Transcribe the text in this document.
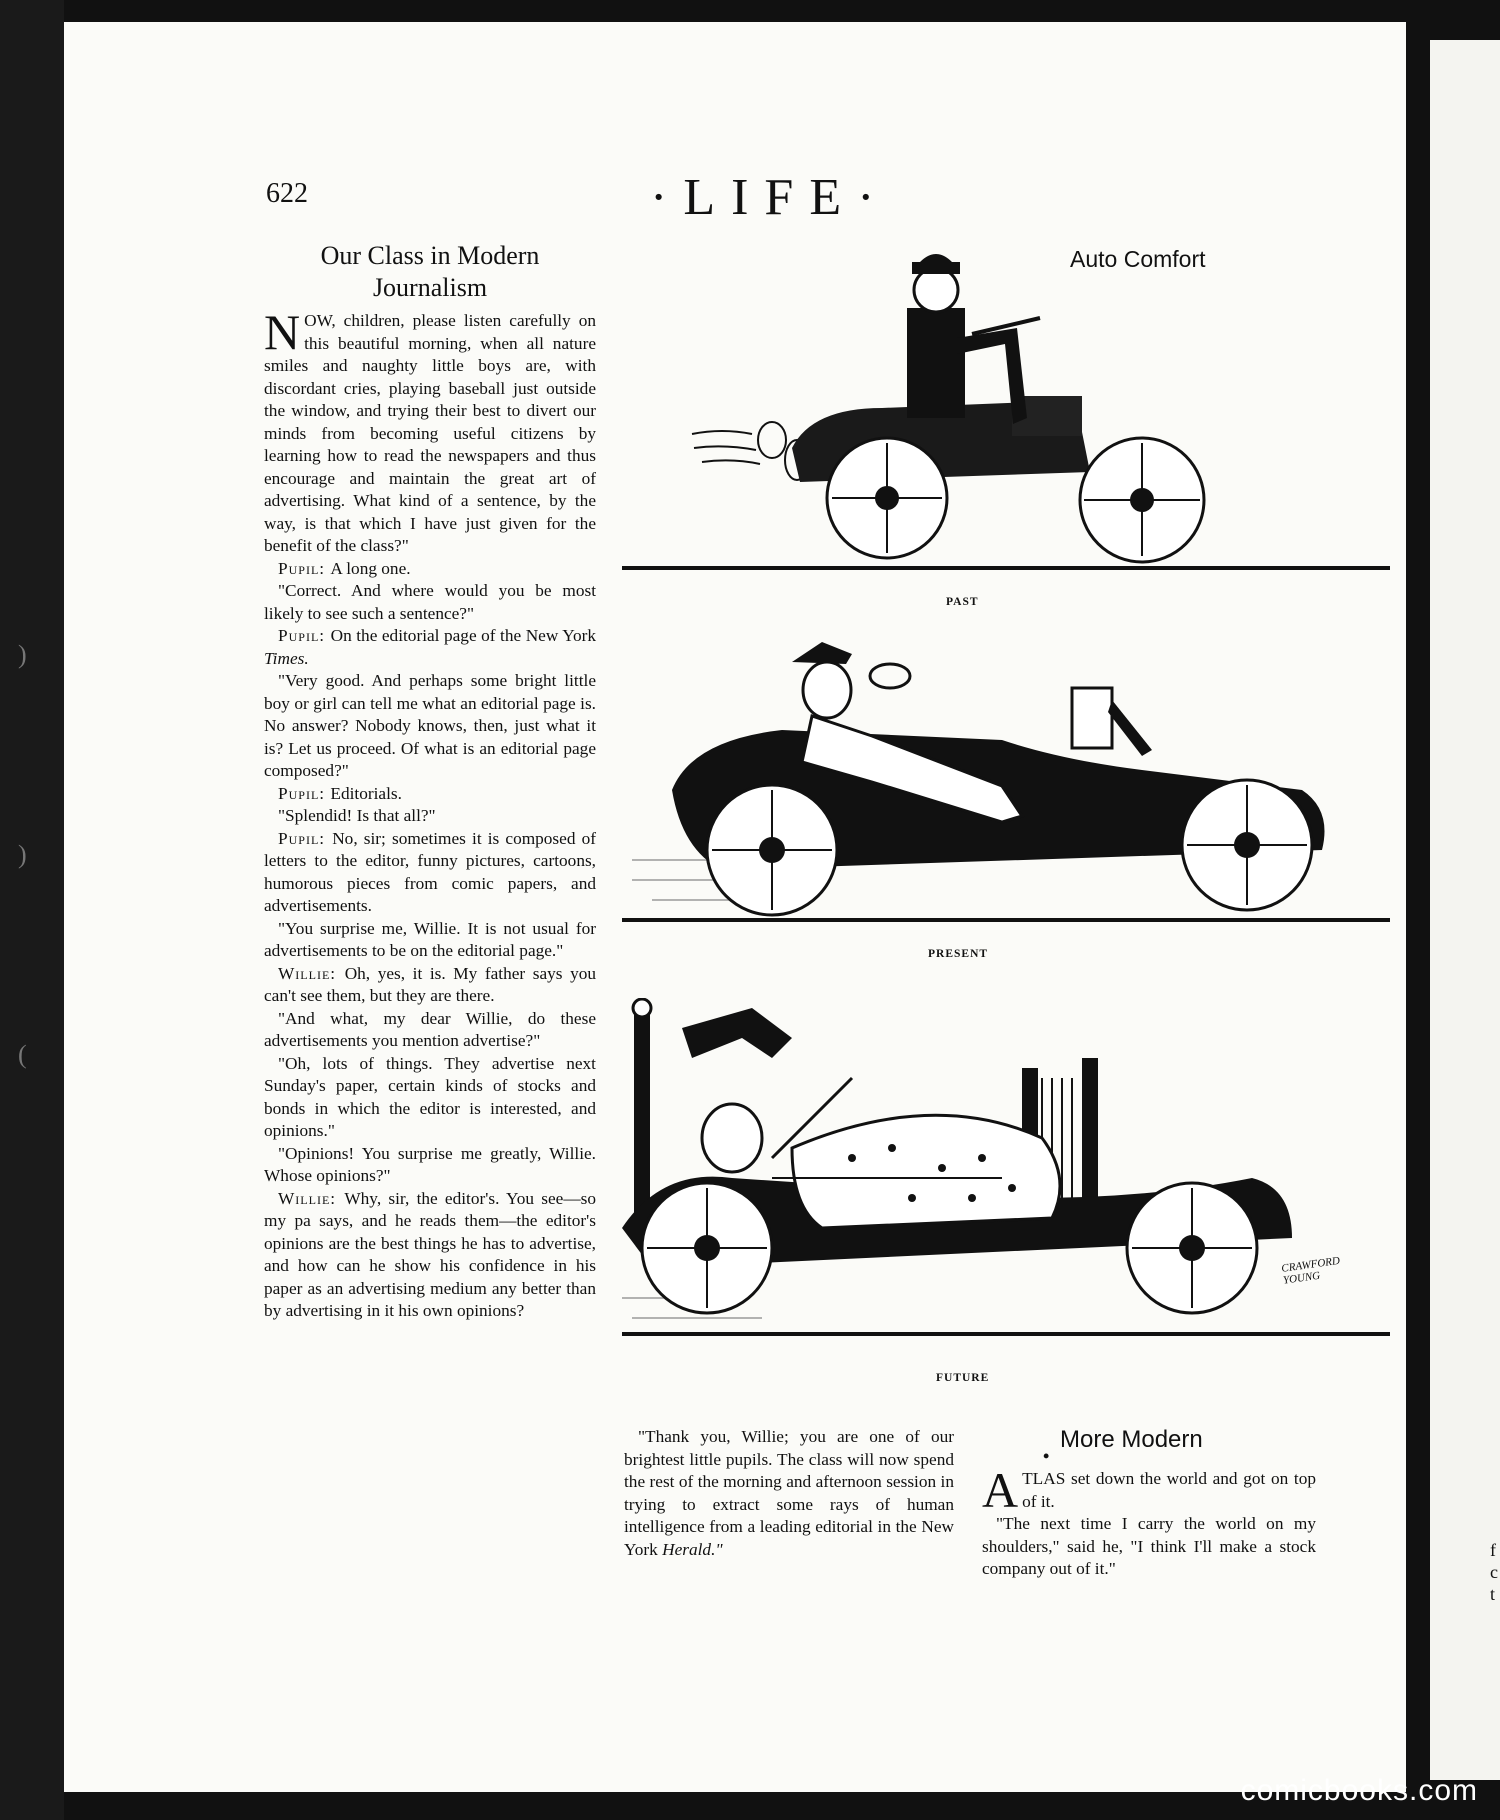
)
)
(
f
c
t
622	·LIFE·
Our Class in Modern Journalism

NOW, children, please listen carefully on this beautiful morning, when all nature smiles and naughty little boys are, with discordant cries, playing baseball just outside the window, and trying their best to divert our minds from becoming useful citizens by learning how to read the newspapers and thus encourage and maintain the great art of advertising. What kind of a sentence, by the way, is that which I have just given for the benefit of the class?"

Pupil: A long one.

"Correct. And where would you be most likely to see such a sentence?"

Pupil: On the editorial page of the New York Times.

"Very good. And perhaps some bright little boy or girl can tell me what an editorial page is. No answer? Nobody knows, then, just what it is? Let us proceed. Of what is an editorial page composed?"

Pupil: Editorials.

"Splendid! Is that all?"

Pupil: No, sir; sometimes it is composed of letters to the editor, funny pictures, cartoons, humorous pieces from comic papers, and advertisements.

"You surprise me, Willie. It is not usual for advertisements to be on the editorial page."

Willie: Oh, yes, it is. My father says you can't see them, but they are there.

"And what, my dear Willie, do these advertisements you mention advertise?"

"Oh, lots of things. They advertise next Sunday's paper, certain kinds of stocks and bonds in which the editor is interested, and opinions."

"Opinions! You surprise me greatly, Willie. Whose opinions?"

Willie: Why, sir, the editor's. You see—so my pa says, and he reads them—the editor's opinions are the best things he has to advertise, and how can he show his confidence in his paper as an advertising medium any better than by advertising in it his own opinions?

"Thank you, Willie; you are one of our brightest little pupils. The class will now spend the rest of the morning and afternoon session in trying to extract some rays of human intelligence from a leading editorial in the New York Herald."

•
More Modern

ATLAS set down the world and got on top of it.

"The next time I carry the world on my shoulders," said he, "I think I'll make a stock company out of it."

Auto Comfort
PAST
PRESENT
CRAWFORD YOUNG
FUTURE
comicbooks.com
